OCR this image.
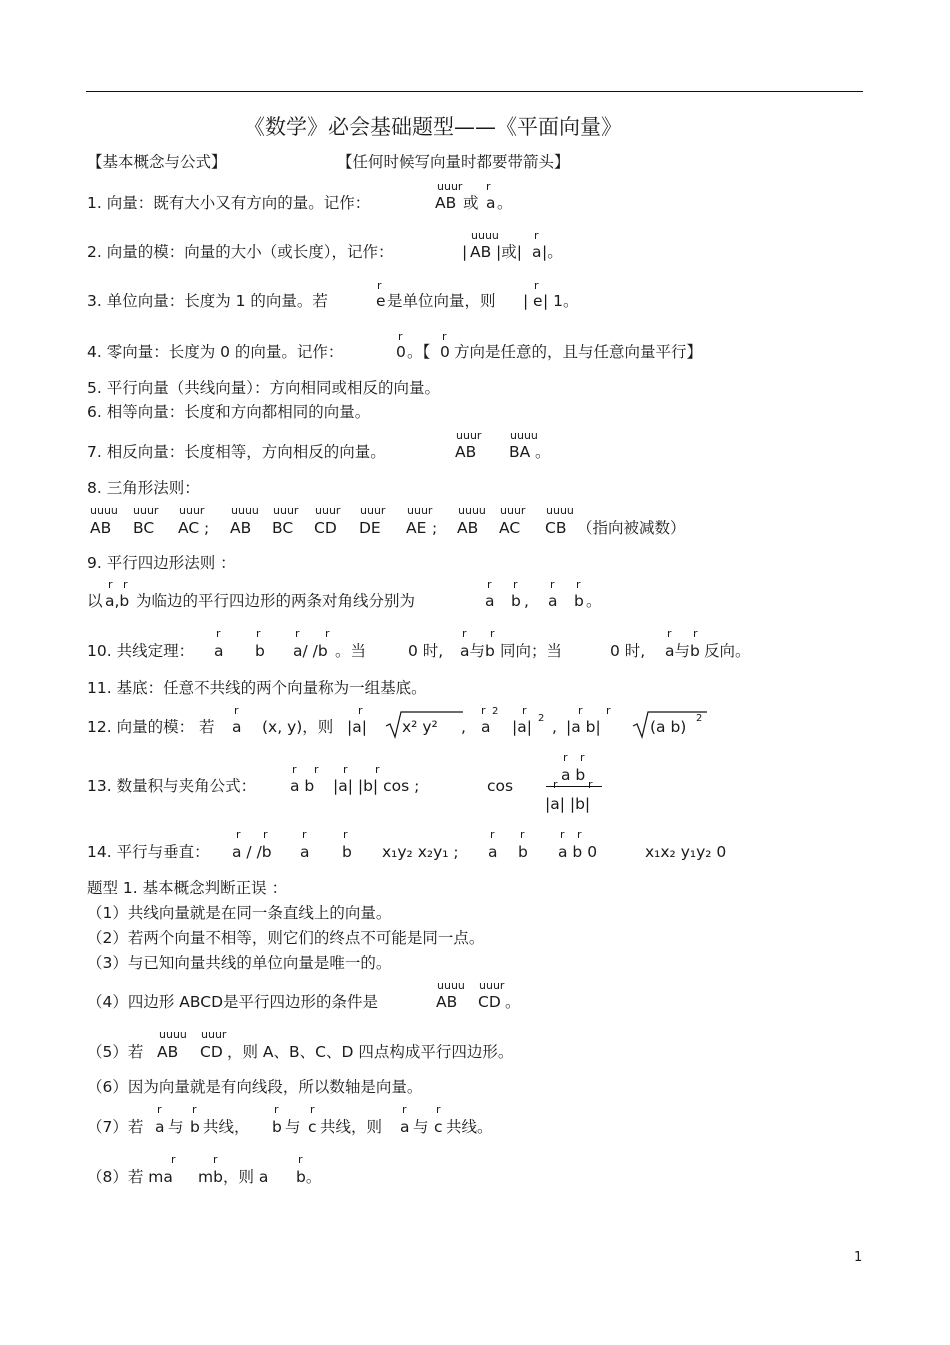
《数学》必会基础题型——《平面向量》
【基本概念与公式】	【任何时候写向量时都要带箭头】
1. 向量：既有大小又有方向的量。记作：
uuur
AB 或
r
a 。
2. 向量的模：向量的大小（或长度），记作：	|
uuuu
AB |或|
r
a |。
3. 单位向量：长度为 1 的向量。若
r
e 是单位向量，则 |
r
e | 1。
4. 零向量：长度为 0 的向量。记作：
r
0 。【
r
0 方向是任意的，且与任意向量平行】
5. 平行向量（共线向量）：方向相同或相反的向量。
6. 相等向量：长度和方向都相同的向量。
7. 相反向量：长度相等，方向相反的向量。
uuur
AB
uuuu
BA 。
8. 三角形法则：
uuuu
AB
uuur
BC
uuur
AC ;
uuuu
AB
uuur
BC
uuur
CD
uuur
DE
uuur
AE ;
uuuu
AB
uuur
AC
uuuu
CB （指向被减数）
9. 平行四边形法则 ：
以
r r
a,b 为临边的平行四边形的两条对角线分别为
r
a
r
b ,
r
a
r
b 。
10. 共线定理：
r
a
r
b
r r
a/ /b 。当	0 时,
r r
a与b 同向；当	0 时,
r r
a与b 反向。
11. 基底：任意不共线的两个向量称为一组基底。
12. 向量的模： 若
r
a (x, y)，则
r
|a| x² y² ,
r 2
a
r
|a| 2 ,
r r
|a b|	(a b) 2
13. 数量积与夹角公式：
r r
a b
r r
|a| |b| cos ;	cos
r r
a b
r	r
|a| |b|
14. 平行与垂直：
r r
a / /b
r
a
r
b x₁y₂ x₂y₁ ;
r
a
r
b
r r
a b 0	x₁x₂ y₁y₂ 0
题型 1. 基本概念判断正误 ：
（1）共线向量就是在同一条直线上的向量。
（2）若两个向量不相等，则它们的终点不可能是同一点。
（3）与已知向量共线的单位向量是唯一的。
（4）四边形 ABCD是平行四边形的条件是
uuuu
AB
uuur
CD 。
（5）若
uuuu
AB
uuur
CD ，则 A、B、C、D 四点构成平行四边形。
（6）因为向量就是有向线段，所以数轴是向量。
（7）若
r
a 与
r
b 共线，
r
b 与
r
c 共线，则
r
a 与
r
c 共线。
（8）若 ma
r	r
mb，则 a
r
b。
1
